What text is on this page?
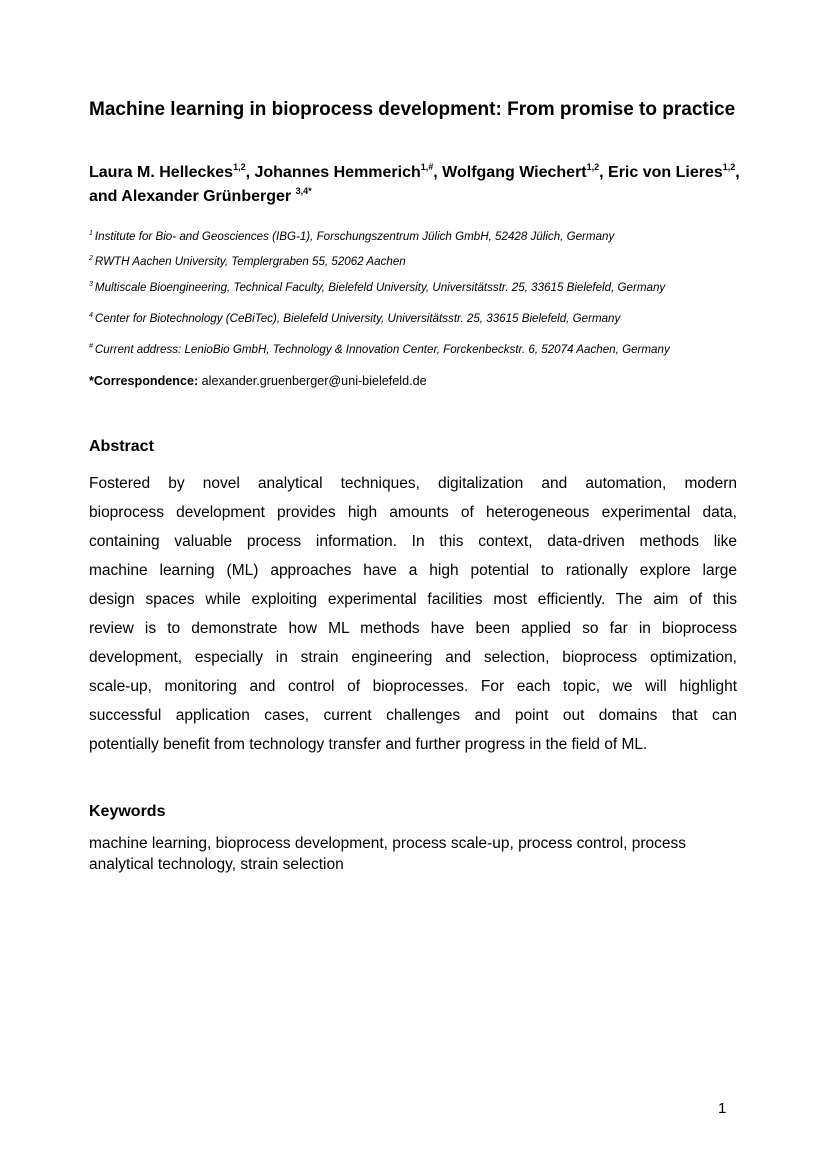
Machine learning in bioprocess development: From promise to practice
Laura M. Helleckes$^{1,2}$, Johannes Hemmerich$^{1,\#}$, Wolfgang Wiechert$^{1,2}$, Eric von Lieres$^{1,2}$, and Alexander Grünberger $^{3,4*}$
$^1$ Institute for Bio- and Geosciences (IBG-1), Forschungszentrum Jülich GmbH, 52428 Jülich, Germany
$^2$ RWTH Aachen University, Templergraben 55, 52062 Aachen
$^3$ Multiscale Bioengineering, Technical Faculty, Bielefeld University, Universitätsstr. 25, 33615 Bielefeld, Germany
$^4$ Center for Biotechnology (CeBiTec), Bielefeld University, Universitätsstr. 25, 33615 Bielefeld, Germany
# Current address: LenioBio GmbH, Technology & Innovation Center, Forckenbeckstr. 6, 52074 Aachen, Germany
*Correspondence: alexander.gruenberger@uni-bielefeld.de
Abstract
Fostered by novel analytical techniques, digitalization and automation, modern
bioprocess development provides high amounts of heterogeneous experimental data,
containing valuable process information. In this context, data-driven methods like
machine learning (ML) approaches have a high potential to rationally explore large
design spaces while exploiting experimental facilities most efficiently. The aim of this
review is to demonstrate how ML methods have been applied so far in bioprocess
development, especially in strain engineering and selection, bioprocess optimization,
scale-up, monitoring and control of bioprocesses. For each topic, we will highlight
successful application cases, current challenges and point out domains that can
potentially benefit from technology transfer and further progress in the field of ML.
Keywords
machine learning, bioprocess development, process scale-up, process control, process analytical technology, strain selection
1
